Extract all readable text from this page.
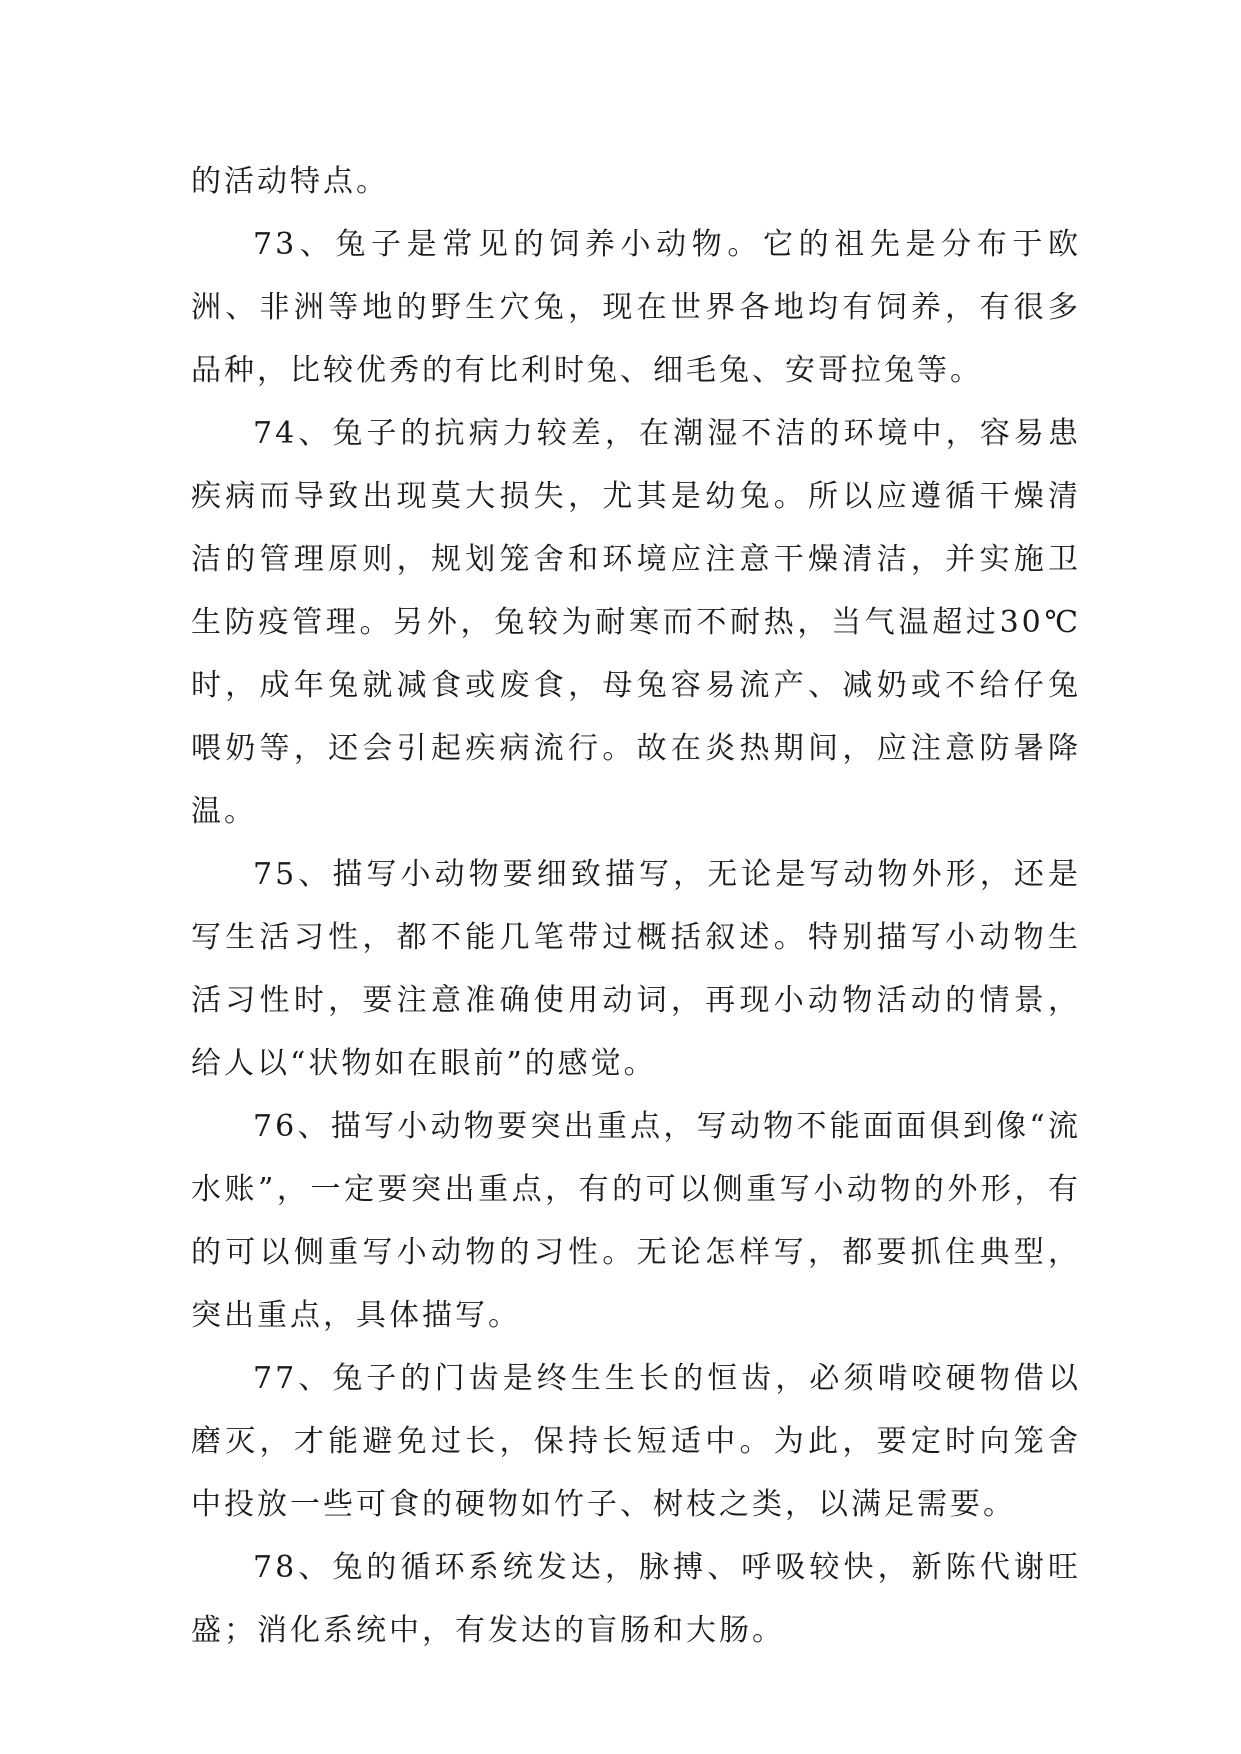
的活动特点。

73、兔子是常见的饲养小动物。它的祖先是分布于欧洲、非洲等地的野生穴兔，现在世界各地均有饲养，有很多品种，比较优秀的有比利时兔、细毛兔、安哥拉兔等。

74、兔子的抗病力较差，在潮湿不洁的环境中，容易患疾病而导致出现莫大损失，尤其是幼兔。所以应遵循干燥清洁的管理原则，规划笼舍和环境应注意干燥清洁，并实施卫生防疫管理。另外，兔较为耐寒而不耐热，当气温超过30℃时，成年兔就减食或废食，母兔容易流产、减奶或不给仔兔喂奶等，还会引起疾病流行。故在炎热期间，应注意防暑降温。

75、描写小动物要细致描写，无论是写动物外形，还是写生活习性，都不能几笔带过概括叙述。特别描写小动物生活习性时，要注意准确使用动词，再现小动物活动的情景，给人以“状物如在眼前”的感觉。

76、描写小动物要突出重点，写动物不能面面俱到像“流水账”，一定要突出重点，有的可以侧重写小动物的外形，有的可以侧重写小动物的习性。无论怎样写，都要抓住典型，突出重点，具体描写。

77、兔子的门齿是终生生长的恒齿，必须啃咬硬物借以磨灭，才能避免过长，保持长短适中。为此，要定时向笼舍中投放一些可食的硬物如竹子、树枝之类，以满足需要。

78、兔的循环系统发达，脉搏、呼吸较快，新陈代谢旺盛；消化系统中，有发达的盲肠和大肠。
